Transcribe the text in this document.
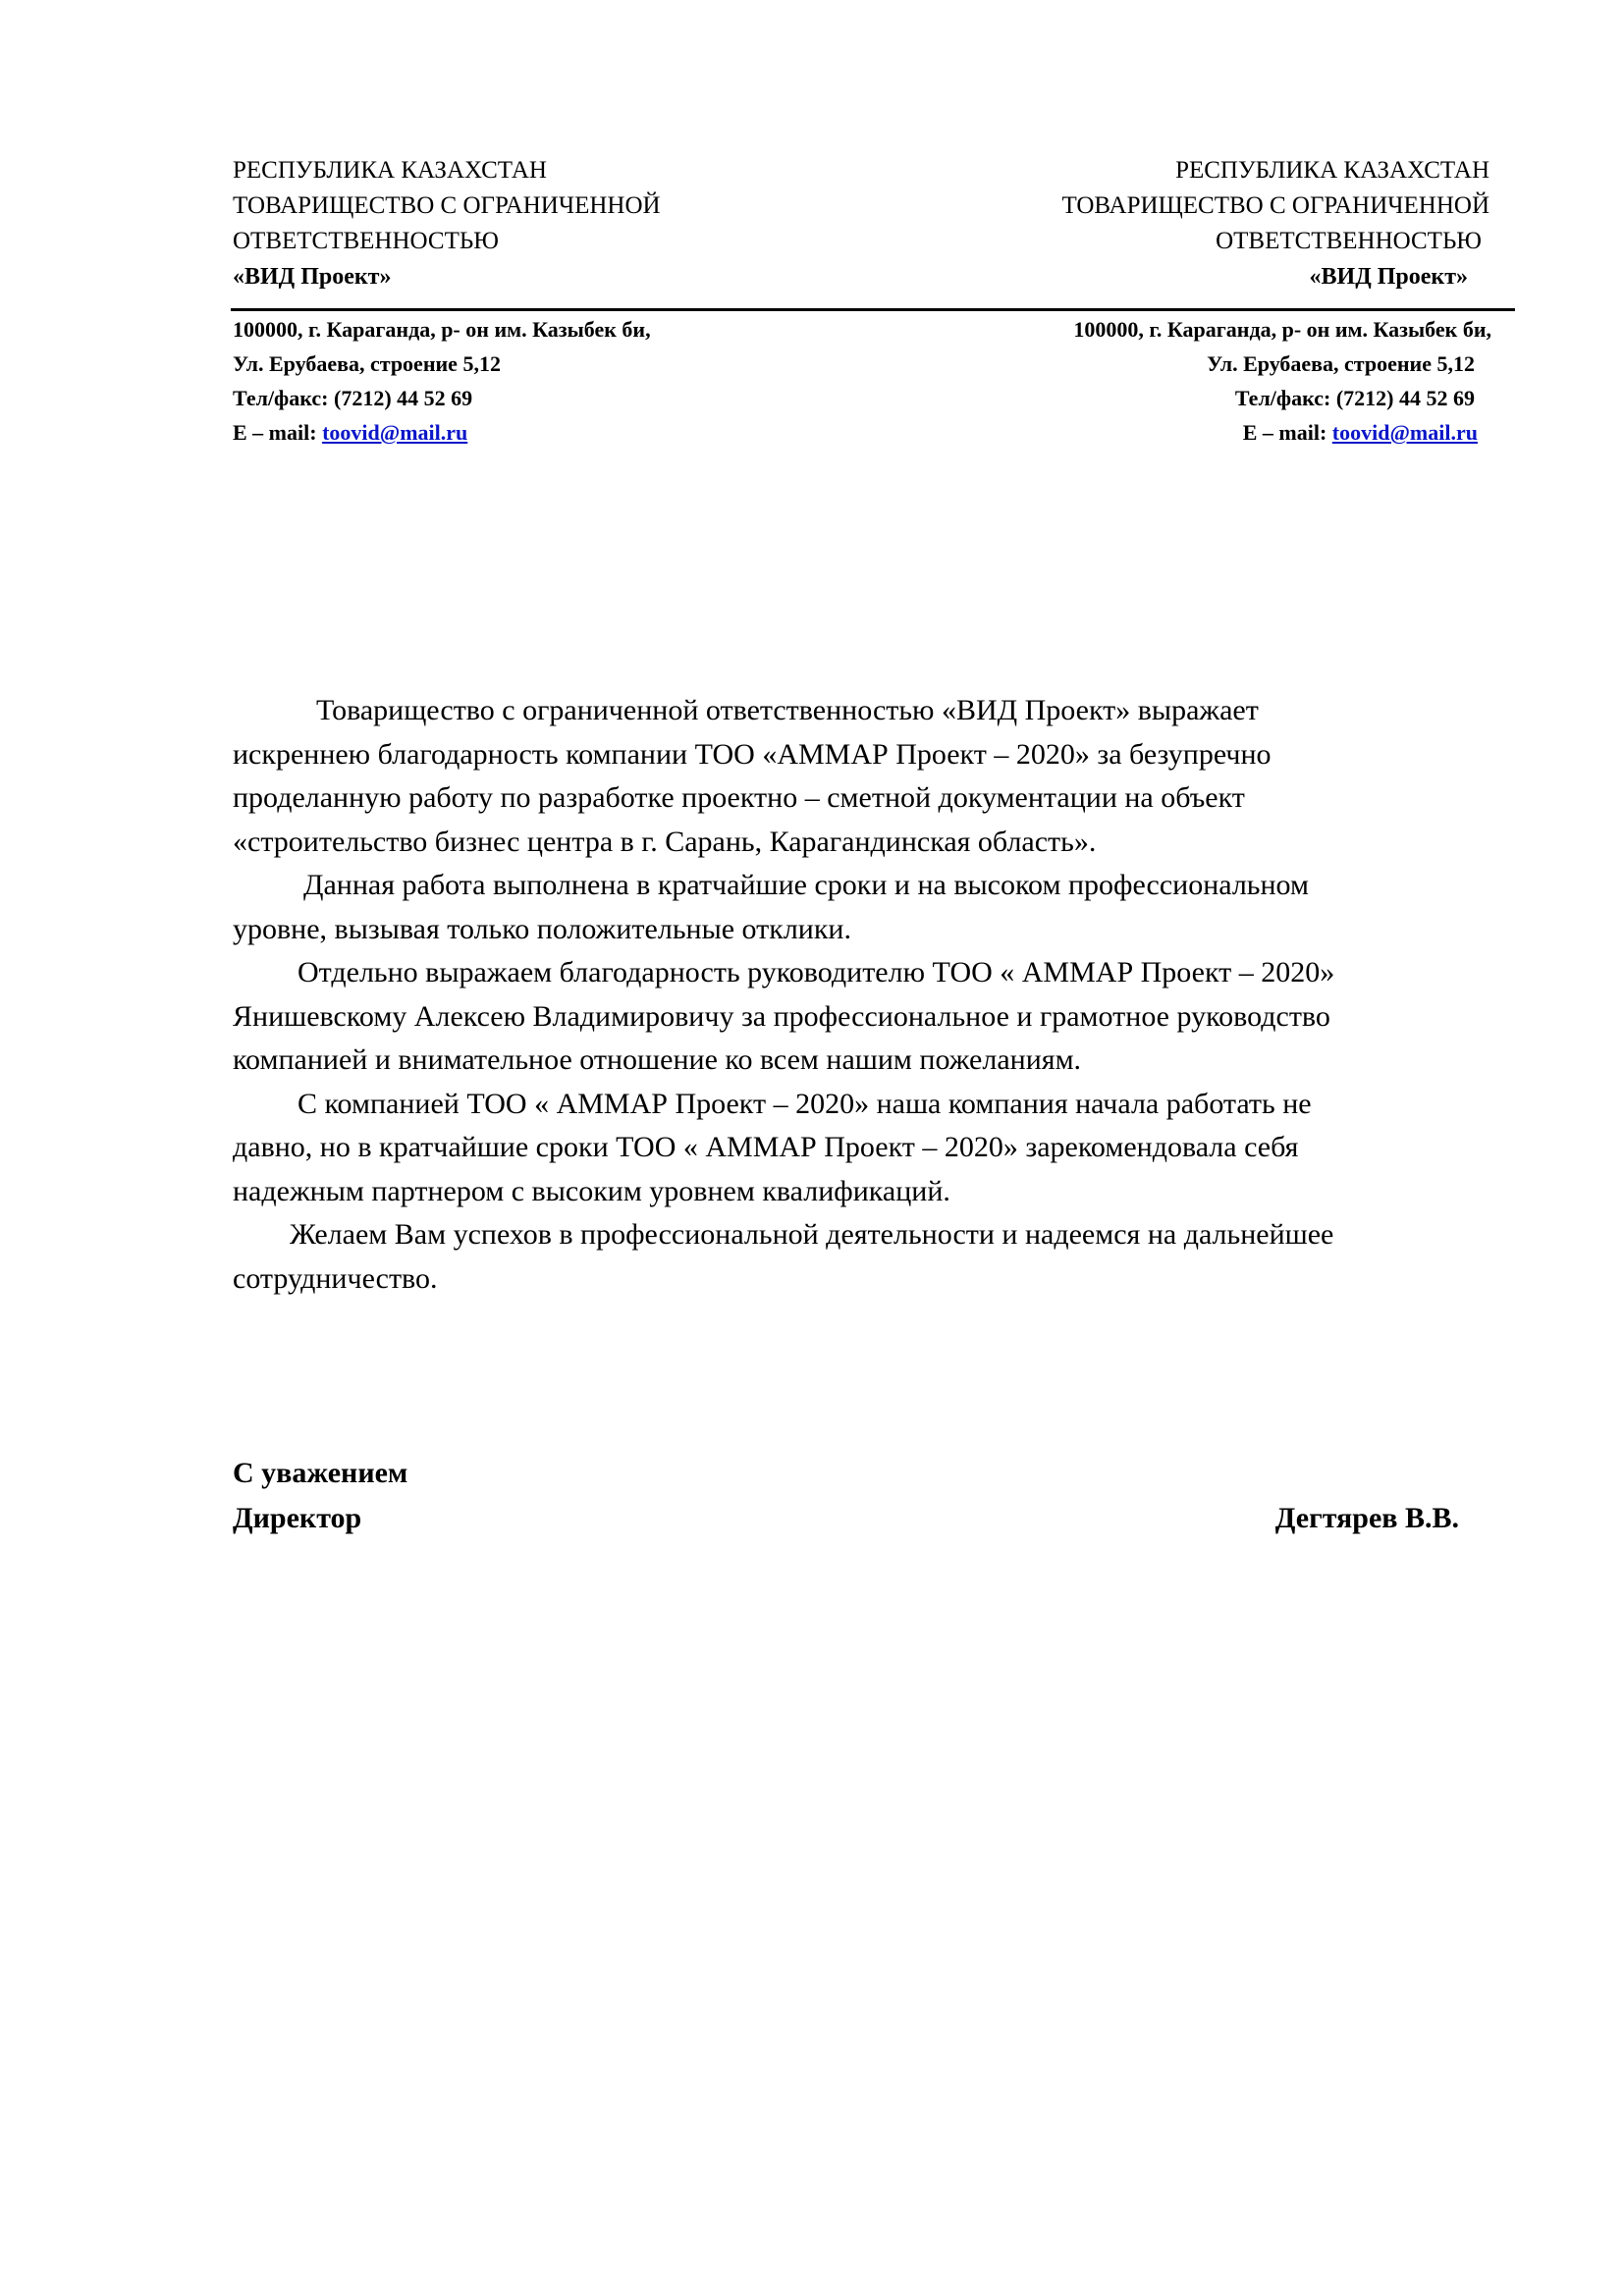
РЕСПУБЛИКА КАЗАХСТАН
ТОВАРИЩЕСТВО С ОГРАНИЧЕННОЙ
ОТВЕТСТВЕННОСТЬЮ
«ВИД Проект»
РЕСПУБЛИКА КАЗАХСТАН
ТОВАРИЩЕСТВО С ОГРАНИЧЕННОЙ
ОТВЕТСТВЕННОСТЬЮ
«ВИД Проект»
100000, г. Караганда, р- он им. Казыбек би,
Ул. Ерубаева, строение 5,12
Тел/факс: (7212) 44 52 69
E – mail: toovid@mail.ru
100000, г. Караганда, р- он им. Казыбек би,
Ул. Ерубаева, строение 5,12
Тел/факс: (7212) 44 52 69
E – mail: toovid@mail.ru
Товарищество с ограниченной ответственностью «ВИД Проект» выражает
искреннею благодарность компании ТОО «АММАР Проект – 2020» за безупречно
проделанную работу по разработке проектно – сметной документации на объект
«строительство бизнес центра в г. Сарань, Карагандинская область».
Данная работа выполнена в кратчайшие сроки и на высоком профессиональном
уровне, вызывая только положительные отклики.
Отдельно выражаем благодарность руководителю ТОО « АММАР Проект – 2020»
Янишевскому Алексею Владимировичу за профессиональное и грамотное руководство
компанией и внимательное отношение ко всем нашим пожеланиям.
С компанией ТОО « АММАР Проект – 2020» наша компания начала работать не
давно, но в кратчайшие сроки ТОО « АММАР Проект – 2020» зарекомендовала себя
надежным партнером с высоким уровнем квалификаций.
Желаем Вам успехов в профессиональной деятельности и надеемся на дальнейшее
сотрудничество.
С уважением
Директор	Дегтярев В.В.
